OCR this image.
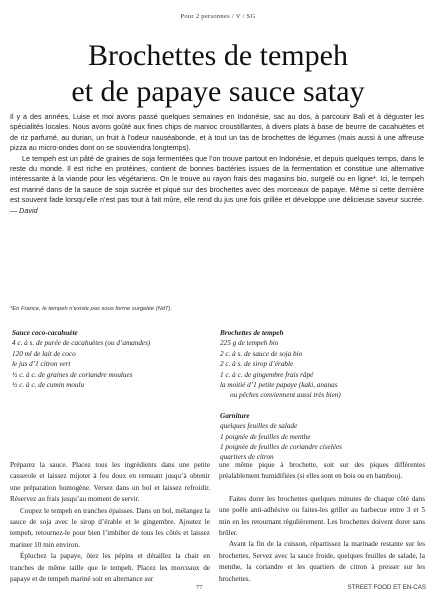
Pour 2 personnes / V / SG
Brochettes de tempeh
et de papaye sauce satay

Il y a des années, Luise et moi avons passé quelques semaines en Indonésie, sac au dos, à parcourir Bali et à déguster les spécialités locales. Nous avons goûté aux fines chips de manioc croustillantes, à divers plats à base de beurre de cacahuètes et de riz parfumé, au durian, un fruit à l’odeur nauséabonde, et à tout un tas de brochettes de légumes (mais aussi à une affreuse pizza au micro-ondes dont on se souviendra longtemps).

Le tempeh est un pâté de graines de soja fermentées que l’on trouve partout en Indonésie, et depuis quelques temps, dans le reste du monde. Il est riche en protéines, contient de bonnes bactéries issues de la fermentation et constitue une alternative intéressante à la viande pour les végétariens. On le trouve au rayon frais des magasins bio, surgelé ou en ligne*. Ici, le tempeh est mariné dans de la sauce de soja sucrée et piqué sur des brochettes avec des morceaux de papaye. Même si cette dernière est souvent fade lorsqu’elle n’est pas tout à fait mûre, elle rend du jus une fois grillée et développe une délicieuse saveur sucrée. — David

*En France, le tempeh n’existe pas sous forme surgelée (NdT).
Sauce coco-cacahuète
4 c. à s. de purée de cacahuètes (ou d’amandes)
120 ml de lait de coco
le jus d’1 citron vert
½ c. à c. de graines de coriandre moulues
½ c. à c. de cumin moulu
Brochettes de tempeh
225 g de tempeh bio
2 c. à s. de sauce de soja bio
2 c. à s. de sirop d’érable
1 c. à c. de gingembre frais râpé
la moitié d’1 petite papaye (kaki, ananas
ou pêches conviennent aussi très bien)
Garniture
quelques feuilles de salade
1 poignée de feuilles de menthe
1 poignée de feuilles de coriandre ciselées
quartiers de citron

Préparez la sauce. Placez tous les ingrédients dans une petite casserole et laissez mijoter à feu doux en remuant jusqu’à obtenir une préparation homogène. Versez dans un bol et laissez refroidir. Réservez au frais jusqu’au moment de servir.

Coupez le tempeh en tranches épaisses. Dans un bol, mélangez la sauce de soja avec le sirop d’érable et le gingembre. Ajoutez le tempeh, retournez-le pour bien l’imbiber de tous les côtés et laissez mariner 10 min environ.

Épluchez la papaye, ôtez les pépins et détaillez la chair en tranches de même taille que le tempeh. Placez les morceaux de papaye et de tempeh mariné soit en alternance sur

une même pique à brochette, soit sur des piques différentes préalablement humidifiées (si elles sont en bois ou en bambou).

Faites dorer les brochettes quelques minutes de chaque côté dans une poêle anti-adhésive ou faites-les griller au barbecue entre 3 et 5 min en les retournant régulièrement. Les brochettes doivent dorer sans brûler.

Avant la fin de la cuisson, répartissez la marinade restante sur les brochettes. Servez avec la sauce froide, quelques feuilles de salade, la menthe, la coriandre et les quartiers de citron à presser sur les brochettes.

77	STREET FOOD ET EN-CAS
